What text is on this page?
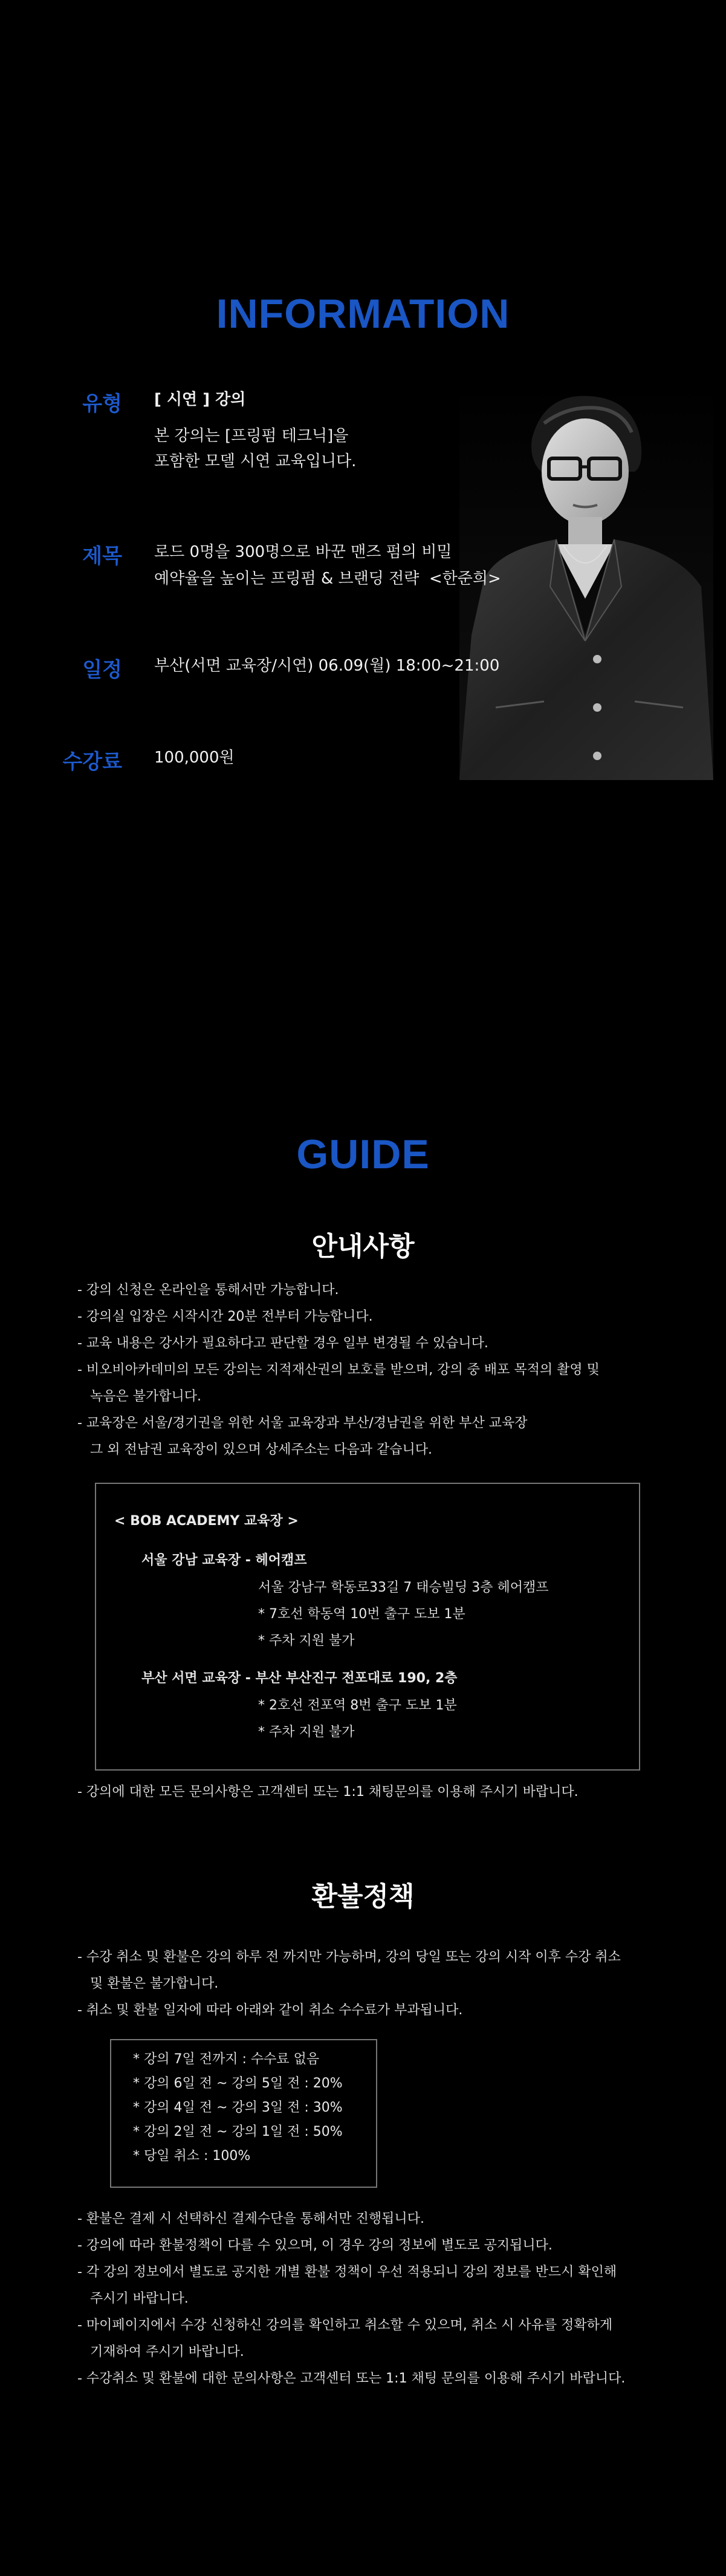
INFORMATION
유형 [ 시연 ] 강의
본 강의는 [프링펌 테크닉]을
포함한 모델 시연 교육입니다.
제목 로드 0명을 300명으로 바꾼 맨즈 펌의 비밀
예약율을 높이는 프링펌 & 브랜딩 전략  <한준희>
일정 부산(서면 교육장/시연) 06.09(월) 18:00~21:00
수강료 100,000원
GUIDE
안내사항
- 강의 신청은 온라인을 통해서만 가능합니다.
- 강의실 입장은 시작시간 20분 전부터 가능합니다.
- 교육 내용은 강사가 필요하다고 판단할 경우 일부 변경될 수 있습니다.
- 비오비아카데미의 모든 강의는 지적재산권의 보호를 받으며, 강의 중 배포 목적의 촬영 및
녹음은 불가합니다.
- 교육장은 서울/경기권을 위한 서울 교육장과 부산/경남권을 위한 부산 교육장
그 외 전남권 교육장이 있으며 상세주소는 다음과 같습니다.
< BOB ACADEMY 교육장 >
서울 강남 교육장 - 헤어캠프
서울 강남구 학동로33길 7 태승빌딩 3층 헤어캠프
* 7호선 학동역 10번 출구 도보 1분
* 주차 지원 불가
부산 서면 교육장 - 부산 부산진구 전포대로 190, 2층
* 2호선 전포역 8번 출구 도보 1분
* 주차 지원 불가
- 강의에 대한 모든 문의사항은 고객센터 또는 1:1 채팅문의를 이용해 주시기 바랍니다.
환불정책
- 수강 취소 및 환불은 강의 하루 전 까지만 가능하며, 강의 당일 또는 강의 시작 이후 수강 취소
및 환불은 불가합니다.
- 취소 및 환불 일자에 따라 아래와 같이 취소 수수료가 부과됩니다.
* 강의 7일 전까지 : 수수료 없음
* 강의 6일 전 ~ 강의 5일 전 : 20%
* 강의 4일 전 ~ 강의 3일 전 : 30%
* 강의 2일 전 ~ 강의 1일 전 : 50%
* 당일 취소 : 100%
- 환불은 결제 시 선택하신 결제수단을 통해서만 진행됩니다.
- 강의에 따라 환불정책이 다를 수 있으며, 이 경우 강의 정보에 별도로 공지됩니다.
- 각 강의 정보에서 별도로 공지한 개별 환불 정책이 우선 적용되니 강의 정보를 반드시 확인해
주시기 바랍니다.
- 마이페이지에서 수강 신청하신 강의를 확인하고 취소할 수 있으며, 취소 시 사유를 정확하게
기재하여 주시기 바랍니다.
- 수강취소 및 환불에 대한 문의사항은 고객센터 또는 1:1 채팅 문의를 이용해 주시기 바랍니다.
